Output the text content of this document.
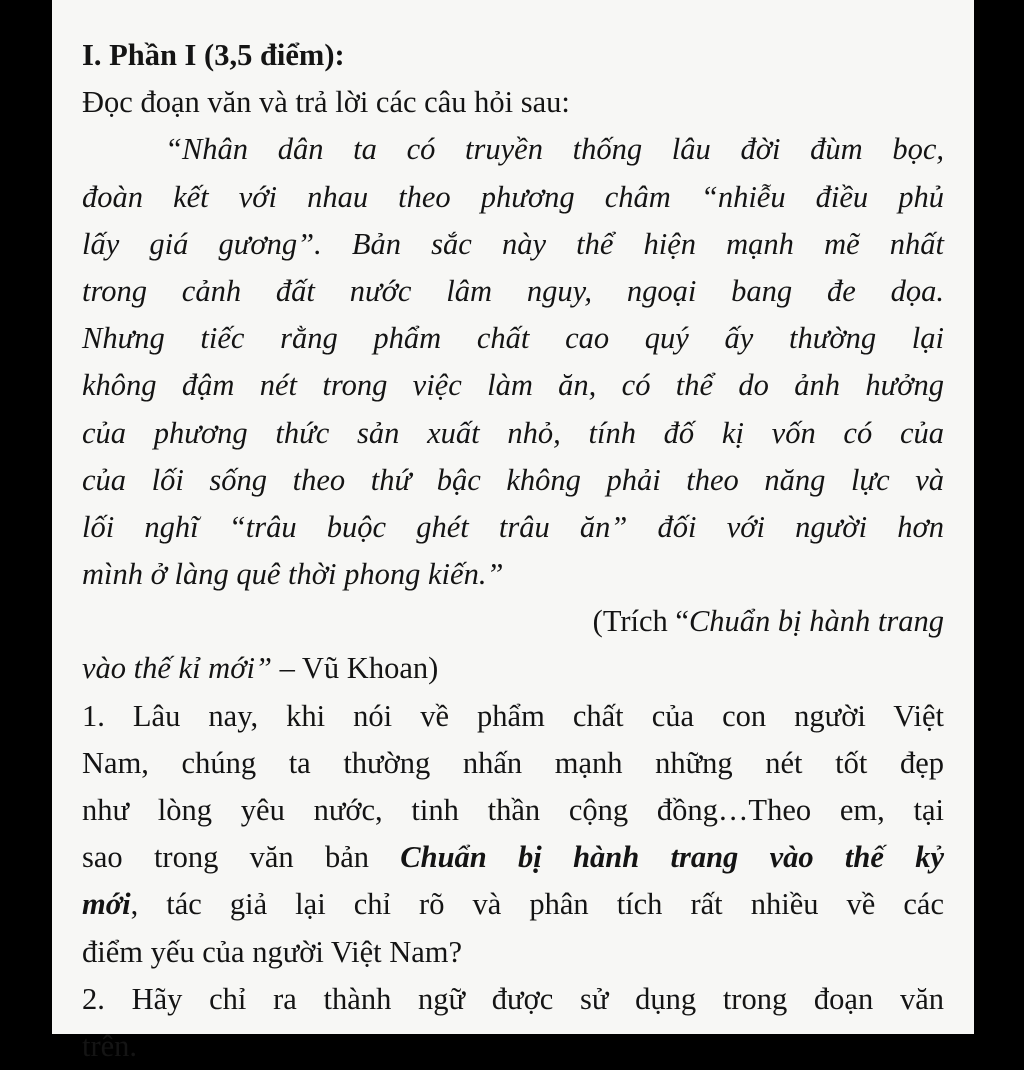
I. Phần I (3,5 điểm):
Đọc đoạn văn và trả lời các câu hỏi sau:
“Nhân dân ta có truyền thống lâu đời đùm bọc,
đoàn kết với nhau theo phương châm “nhiễu điều phủ
lấy giá gương”. Bản sắc này thể hiện mạnh mẽ nhất
trong cảnh đất nước lâm nguy, ngoại bang đe dọa.
Nhưng tiếc rằng phẩm chất cao quý ấy thường lại
không đậm nét trong việc làm ăn, có thể do ảnh hưởng
của phương thức sản xuất nhỏ, tính đố kị vốn có của
của lối sống theo thứ bậc không phải theo năng lực và
lối nghĩ “trâu buộc ghét trâu ăn” đối với người hơn
mình ở làng quê thời phong kiến.”
(Trích “Chuẩn bị hành trang
vào thế kỉ mới” – Vũ Khoan)
1. Lâu nay, khi nói về phẩm chất của con người Việt
Nam, chúng ta thường nhấn mạnh những nét tốt đẹp
như lòng yêu nước, tinh thần cộng đồng…Theo em, tại
sao trong văn bản Chuẩn bị hành trang vào thế kỷ
mới, tác giả lại chỉ rõ và phân tích rất nhiều về các
điểm yếu của người Việt Nam?
2. Hãy chỉ ra thành ngữ được sử dụng trong đoạn văn
trên.
